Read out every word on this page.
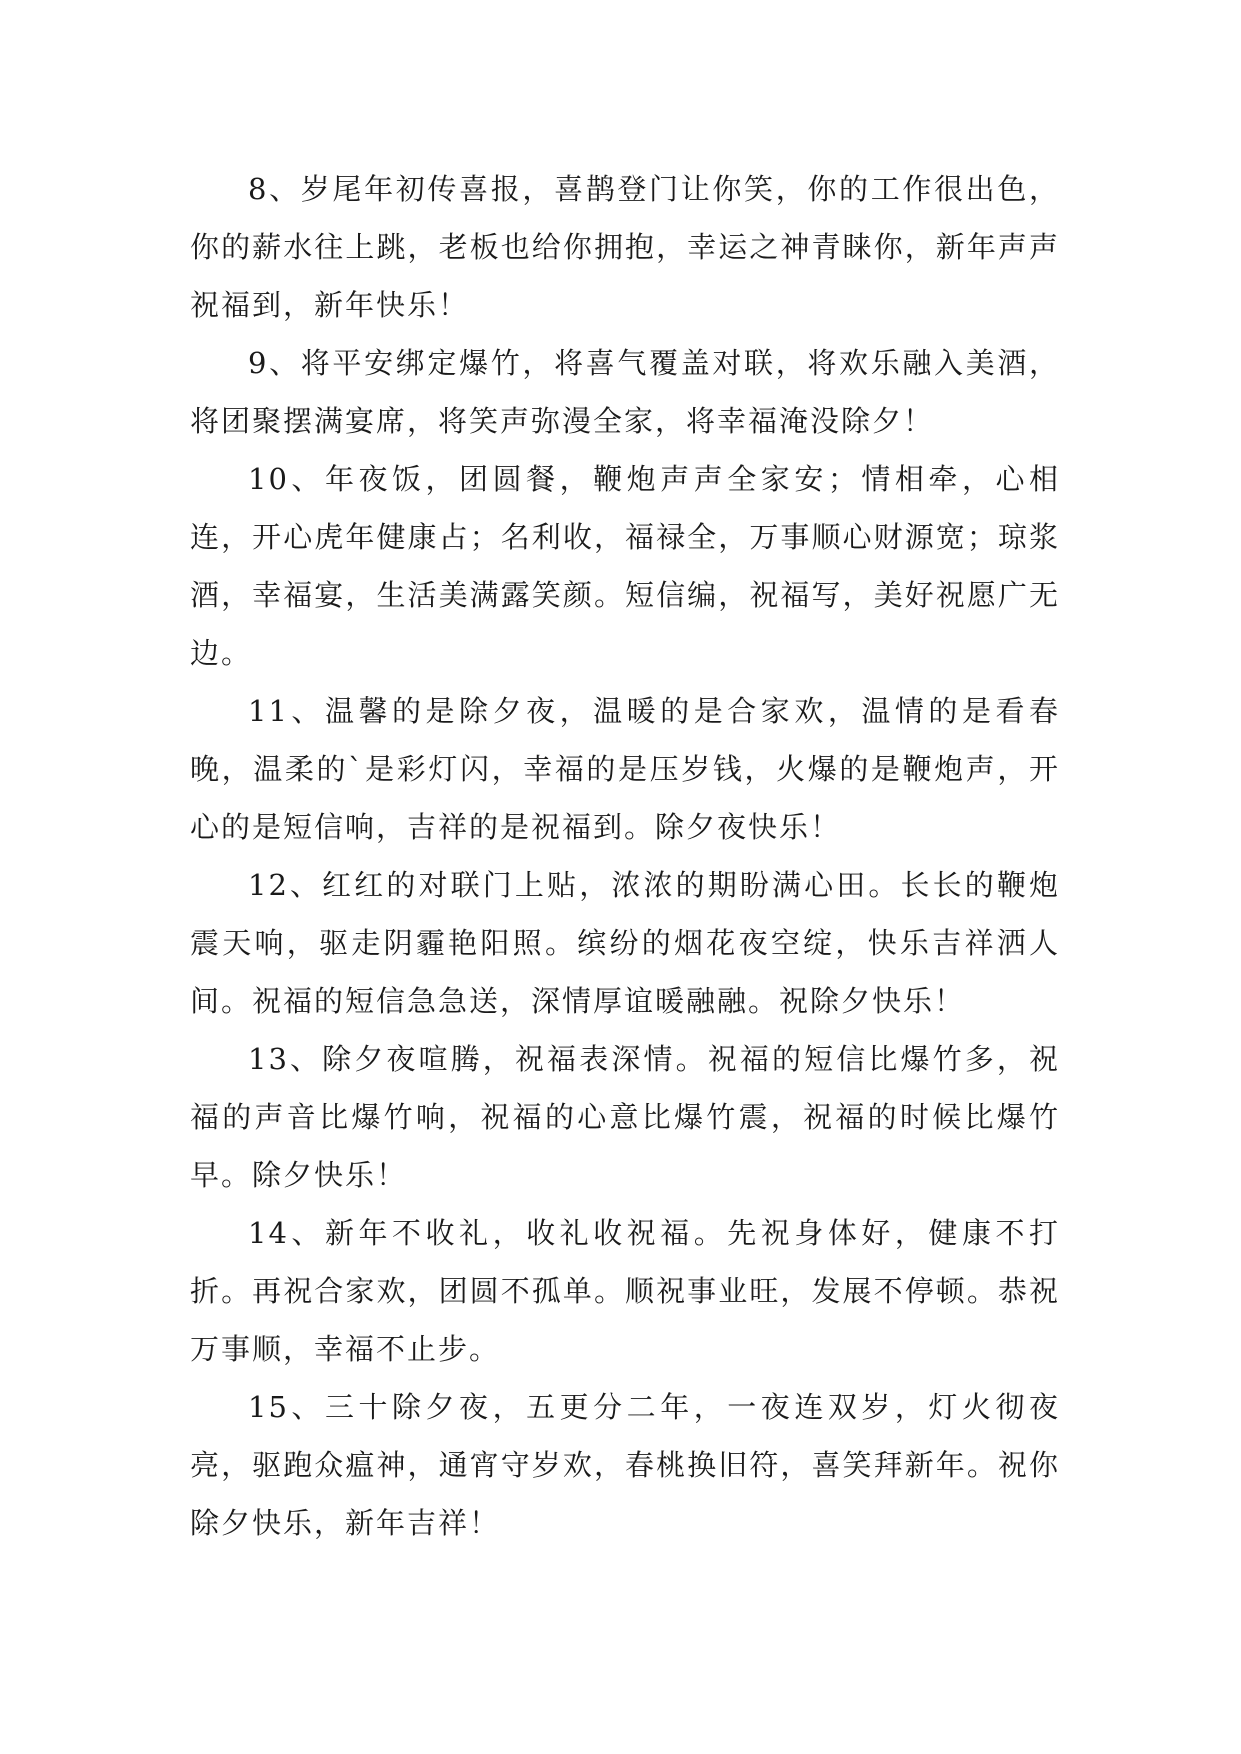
8、岁尾年初传喜报，喜鹊登门让你笑，你的工作很出色，你的薪水往上跳，老板也给你拥抱，幸运之神青睐你，新年声声祝福到，新年快乐！

9、将平安绑定爆竹，将喜气覆盖对联，将欢乐融入美酒，将团聚摆满宴席，将笑声弥漫全家，将幸福淹没除夕！

10、年夜饭，团圆餐，鞭炮声声全家安；情相牵，心相连，开心虎年健康占；名利收，福禄全，万事顺心财源宽；琼浆酒，幸福宴，生活美满露笑颜。短信编，祝福写，美好祝愿广无边。

11、温馨的是除夕夜，温暖的是合家欢，温情的是看春晚，温柔的`是彩灯闪，幸福的是压岁钱，火爆的是鞭炮声，开心的是短信响，吉祥的是祝福到。除夕夜快乐！

12、红红的对联门上贴，浓浓的期盼满心田。长长的鞭炮震天响，驱走阴霾艳阳照。缤纷的烟花夜空绽，快乐吉祥洒人间。祝福的短信急急送，深情厚谊暖融融。祝除夕快乐！

13、除夕夜喧腾，祝福表深情。祝福的短信比爆竹多，祝福的声音比爆竹响，祝福的心意比爆竹震，祝福的时候比爆竹早。除夕快乐！

14、新年不收礼，收礼收祝福。先祝身体好，健康不打折。再祝合家欢，团圆不孤单。顺祝事业旺，发展不停顿。恭祝万事顺，幸福不止步。

15、三十除夕夜，五更分二年，一夜连双岁，灯火彻夜亮，驱跑众瘟神，通宵守岁欢，春桃换旧符，喜笑拜新年。祝你除夕快乐，新年吉祥！
